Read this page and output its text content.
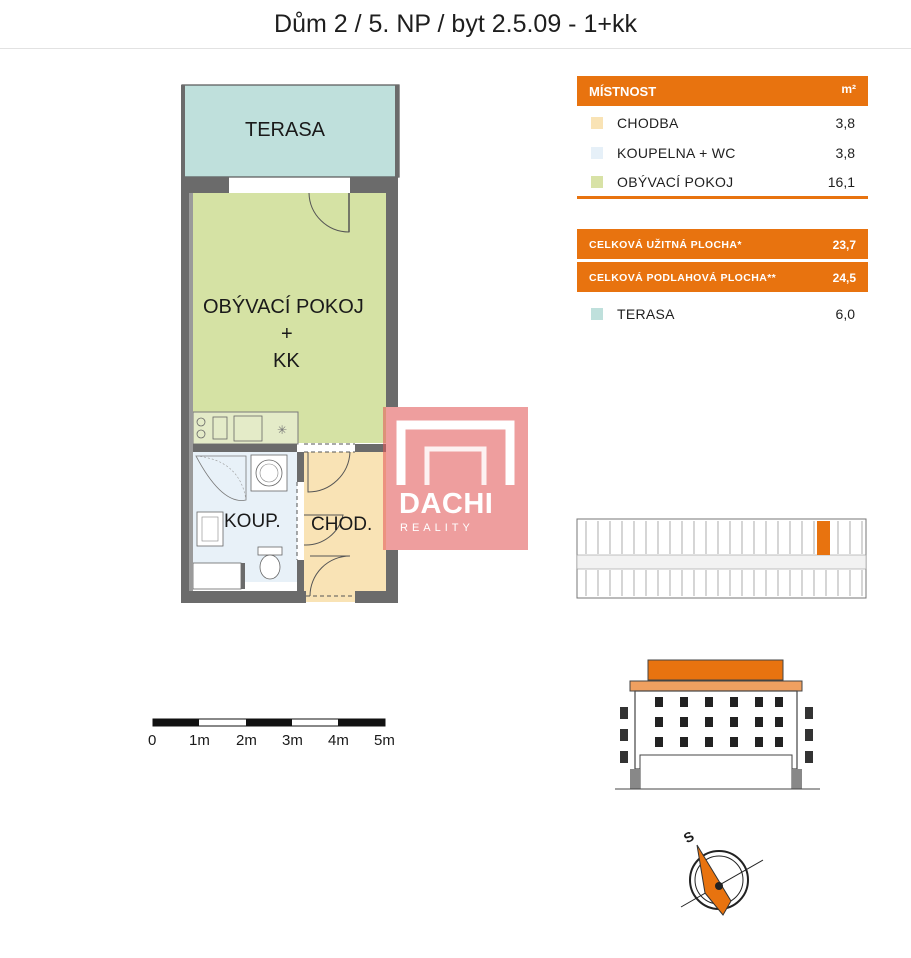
Dům 2 / 5. NP / byt 2.5.09 - 1+kk
✳
TERASA
OBÝVACÍ POKOJ
+
KK
KOUP. CHOD.
DACHI
REALITY
MÍSTNOST	m²
CHODBA	3,8
KOUPELNA + WC	3,8
OBÝVACÍ POKOJ	16,1
CELKOVÁ UŽITNÁ PLOCHA*	23,7
CELKOVÁ PODLAHOVÁ PLOCHA**	24,5
TERASA	6,0
0 1m 2m 3m 4m 5m
S
